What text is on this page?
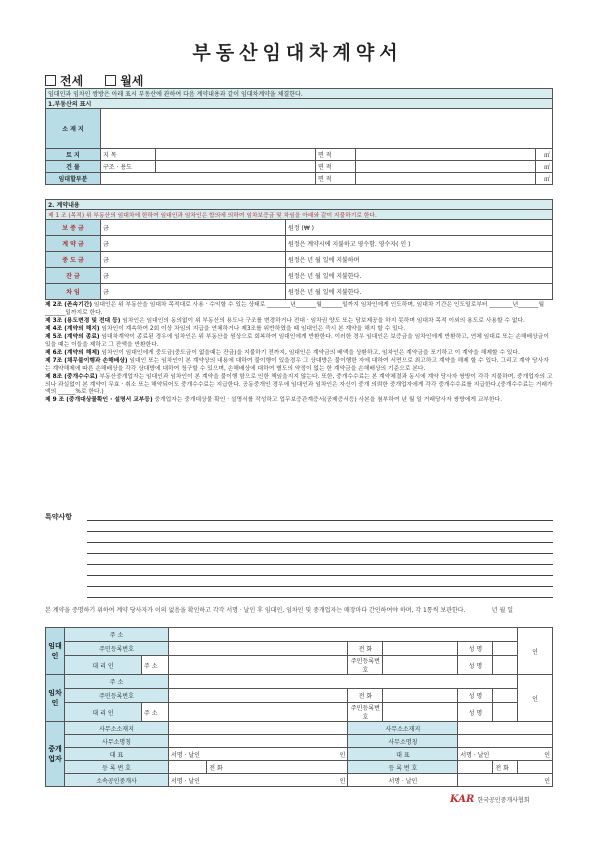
부동산임대차계약서
전세	월세
임대인과 임차인 쌍방은 아래 표시 부동산에 관하여 다음 계약내용과 같이 임대차계약을 체결한다.					
1.부동산의 표시					
소 재 지					
토 지	지 목		면 적		㎡
건 물	구조 · 용도		면 적		㎡
임대할부분			면 적		㎡
2. 계약내용		
제 1 조 (목적) 위 부동산의 임대차에 한하여 임대인과 임차인은 합의에 의하여 임차보증금 및 차임을 아래와 같이 지불하기로 한다.		
보 증 금	금	원정 (₩ )
계 약 금	금	원정은 계약시에 지불하고 영수함. 영수자( 인 )
중 도 금	금	원정은 년 월 일에 지불하며
잔 금	금	원정은 년 월 일에 지불한다.
차 임	금	원정은 년 월 일에 지불한다.

제 2조 (존속기간) 임대인은 위 부동산을 임대차 목적대로 사용 · 수익할 수 있는 상태로 ________년_______월_______일까지 임차인에게 인도하며, 임대차 기간은 인도일로부터 ________년_______월_______일까지로 한다.

제 3조 (용도변경 및 전대 등) 임차인은 임대인의 동의없이 위 부동산의 용도나 구조를 변경하거나 전대 · 임차권 양도 또는 담보제공을 하지 못하며 임대차 목적 이외의 용도로 사용할 수 없다.

제 4조 (계약의 해지) 임차인이 계속하여 2회 이상 차임의 지급을 연체하거나 제3조를 위반하였을 때 임대인은 즉시 본 계약을 해지 할 수 있다.

제 5조 (계약의 종료) 임대차계약이 종료된 경우에 임차인은 위 부동산을 원상으로 회복하여 임대인에게 반환한다. 이러한 경우 임대인은 보증금을 임차인에게 반환하고, 연체 임대료 또는 손해배상금이 있을 때는 이들을 제하고 그 잔액을 반환한다.

제 6조 (계약의 해제) 임차인이 임대인에게 중도금(중도금이 없을때는 잔금)을 지불하기 전까지, 임대인은 계약금의 배액을 상환하고, 임차인은 계약금을 포기하고 이 계약을 해제할 수 있다.

제 7조 (채무불이행과 손해배상) 임대인 또는 임차인이 본 계약상의 내용에 대하여 불이행이 있을경우 그 상대방은 불이행한 자에 대하여 서면으로 최고하고 계약을 해제 할 수 있다. 그리고 계약 당사자는 계약해제에 따른 손해배상을 각각 상대방에 대하여 청구할 수 있으며, 손해배상에 대하여 별도의 약정이 없는 한 계약금을 손해배상의 기준으로 본다.

제 8조 (중개수수료) 부동산중개업자는 임대인과 임차인이 본 계약을 불이행 함으로 인한 책임을지지 않는다. 또한, 중개수수료는 본 계약체결과 동시에 계약 당사자 쌍방이 각각 지불하며, 중개업자의 고의나 과실없이 본 계약이 무효 · 취소 또는 해약되어도 중개수수료는 지급한다. 공동중개인 경우에 임대인과 임차인은 자신이 중개 의뢰한 중개업자에게 각각 중개수수료를 지급한다.(중개수수료는 거래가액의 ______%로 한다.)

제 9 조 (중개대상물확인 · 설명서 교부등) 중개업자는 중개대상물 확인 · 설명서를 작성하고 업무보증관계증서(공제증서등) 사본을 첨부하여 년 월 일 거래당사자 쌍방에게 교부한다.

특약사항
본 계약을 증명하기 위하여 계약 당사자가 이의 없음을 확인하고 각각 서명 · 날인 후 임대인, 임차인 및 중개업자는 매장마다 간인하여야 하며, 각 1통씩 보관한다.	년 월 일
임대인	주 소								인
	주민등록번호				전 화		성 명		
	대 리 인	주 소			주민등록번호		성 명		
임차인	주 소								인
	주민등록번호				전 화		성 명		
	대 리 인	주 소			주민등록번호		성 명		
중개업자	사무소소재지				사무소소재지				
	사무소명칭				사무소명칭				
	대 표		서명 · 날인 인		대 표		서명 · 날인 인		

	등 록 번 호			전 화	등 록 번 호			전 화	
	소속공인중개사		서명 · 날인 인		서명 · 날인		인		
KAR 한국공인중개사협회
